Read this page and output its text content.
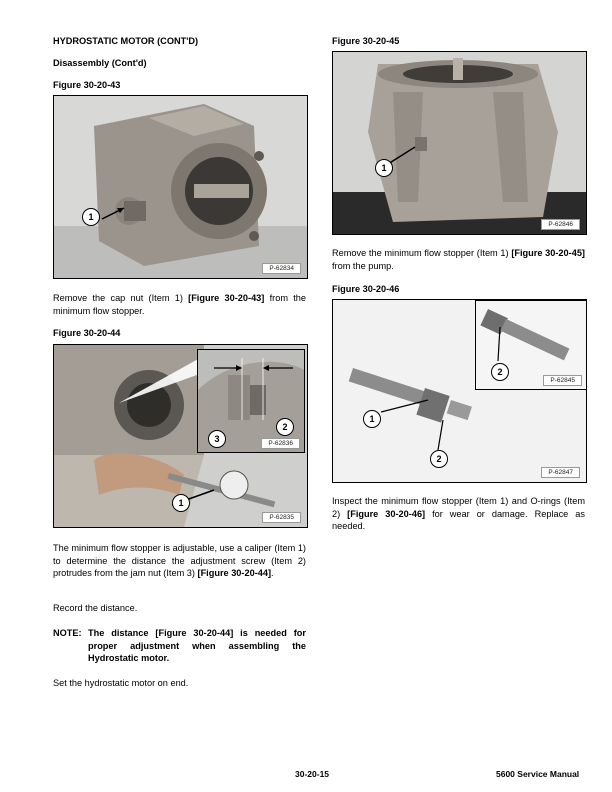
HYDROSTATIC MOTOR (CONT'D)
Disassembly (Cont'd)
Figure 30-20-43
1
P-62834
Remove the cap nut (Item 1) [Figure 30-20-43] from the minimum flow stopper.
Figure 30-20-44
3
2
P-62836
1
P-62835
The minimum flow stopper is adjustable, use a caliper (Item 1) to determine the distance the adjustment screw (Item 2) protrudes from the jam nut (Item 3) [Figure 30-20-44].
Record the distance.
NOTE: The distance [Figure 30-20-44] is needed for proper adjustment when assembling the Hydrostatic motor.
Set the hydrostatic motor on end.
Figure 30-20-45
1
P-62846
Remove the minimum flow stopper (Item 1) [Figure 30-20-45] from the pump.
Figure 30-20-46
2
P-62845
1
2
P-62847
Inspect the minimum flow stopper (Item 1) and O-rings (Item 2) [Figure 30-20-46] for wear or damage. Replace as needed.
30-20-15	5600 Service Manual
